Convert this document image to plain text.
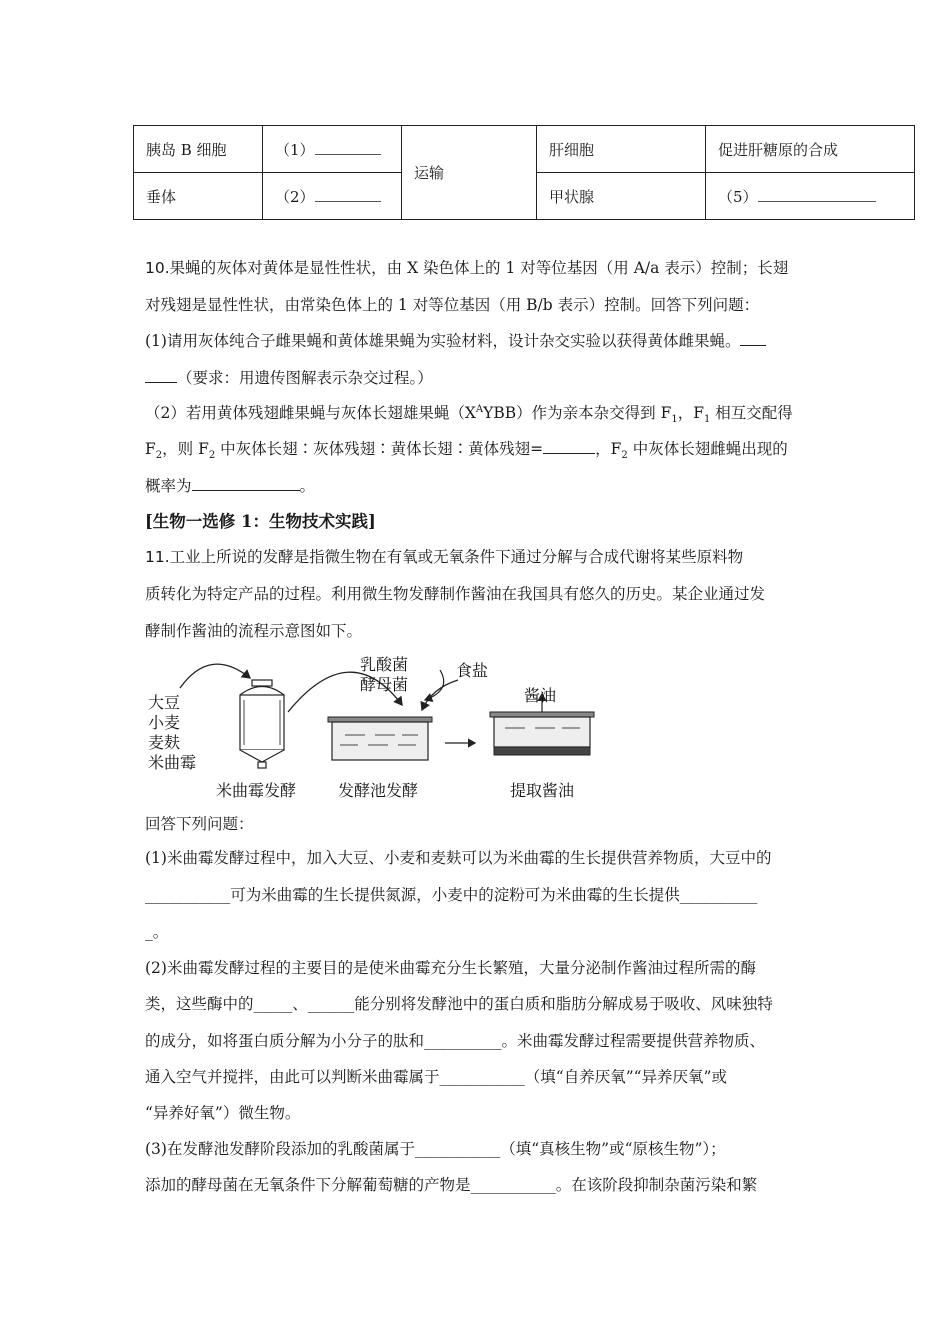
胰岛 B 细胞	（1）	运输	肝细胞	促进肝糖原的合成
垂体	（2）		甲状腺	（5）
10.果蝇的灰体对黄体是显性性状，由 X 染色体上的 1 对等位基因（用 A/a 表示）控制；长翅
对残翅是显性性状，由常染色体上的 1 对等位基因（用 B/b 表示）控制。回答下列问题：
(1)请用灰体纯合子雌果蝇和黄体雄果蝇为实验材料，设计杂交实验以获得黄体雌果蝇。
（要求：用遗传图解表示杂交过程。）
（2）若用黄体残翅雌果蝇与灰体长翅雄果蝇$(X^AYBB)$作为亲本杂交得到 $F_1$，$F_1$ 相互交配得
$F_2$，则 $F_2$ 中灰体长翅∶灰体残翅∶黄体长翅∶黄体残翅=	，$F_2$ 中灰体长翅雌蝇出现的
概率为	。
[生物一选修 1：生物技术实践]
11.工业上所说的发酵是指微生物在有氧或无氧条件下通过分解与合成代谢将某些原料物
质转化为特定产品的过程。利用微生物发酵制作酱油在我国具有悠久的历史。某企业通过发
酵制作酱油的流程示意图如下。
大豆
小麦
麦麸
米曲霉
乳酸菌
酵母菌
食盐
酱油
米曲霉发酵	发酵池发酵	提取酱油
回答下列问题：
(1)米曲霉发酵过程中，加入大豆、小麦和麦麸可以为米曲霉的生长提供营养物质，大豆中的
___________可为米曲霉的生长提供氮源，小麦中的淀粉可为米曲霉的生长提供__________
_。
(2)米曲霉发酵过程的主要目的是使米曲霉充分生长繁殖，大量分泌制作酱油过程所需的酶
类，这些酶中的_____、______能分别将发酵池中的蛋白质和脂肪分解成易于吸收、风味独特
的成分，如将蛋白质分解为小分子的肽和__________。米曲霉发酵过程需要提供营养物质、
通入空气并搅拌，由此可以判断米曲霉属于___________（填“自养厌氧”“异养厌氧”或
“异养好氧”）微生物。
(3)在发酵池发酵阶段添加的乳酸菌属于___________（填“真核生物”或“原核生物”）；
添加的酵母菌在无氧条件下分解葡萄糖的产物是___________。在该阶段抑制杂菌污染和繁
